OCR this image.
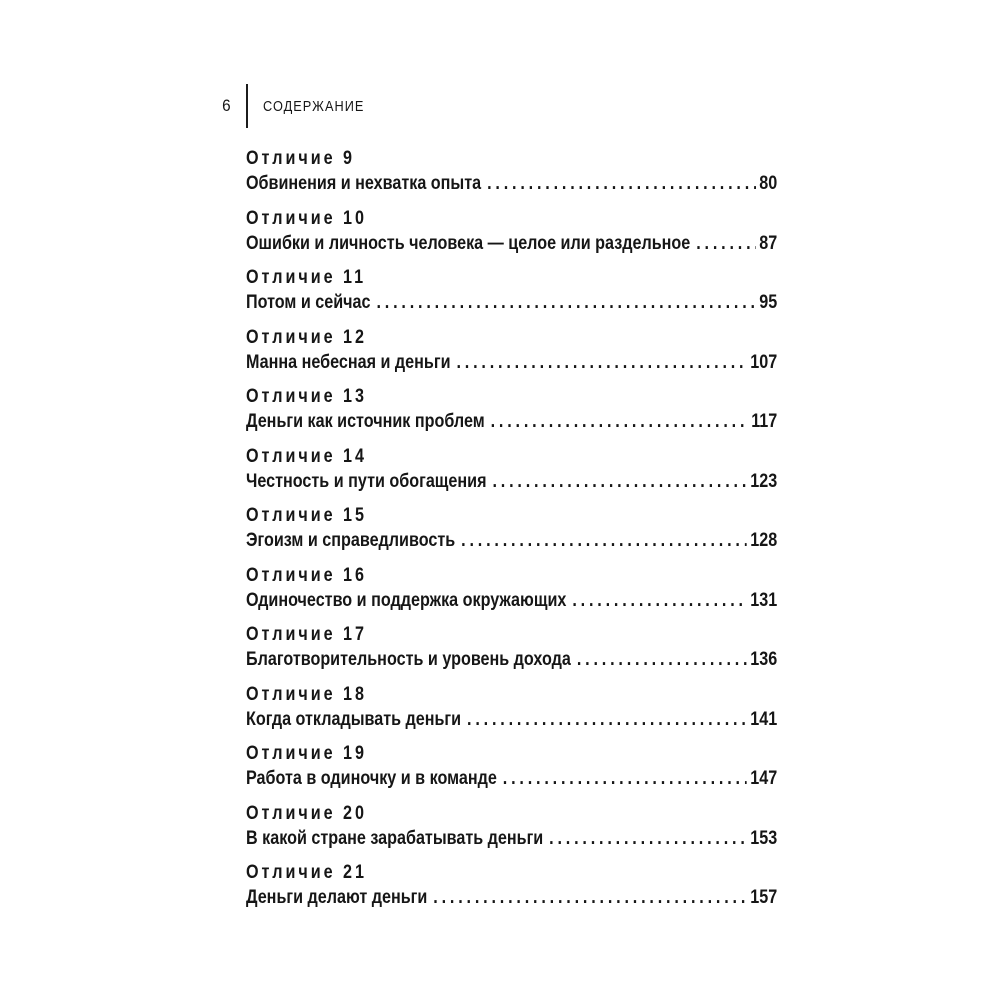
6 СОДЕРЖАНИЕ
Отличие 9
Обвинения и нехватка опыта .....	80
Отличие 10
Ошибки и личность человека — целое или раздельное .....	87
Отличие 11
Потом и сейчас .....	95
Отличие 12
Манна небесная и деньги .....	107
Отличие 13
Деньги как источник проблем .....	117
Отличие 14
Честность и пути обогащения .....	123
Отличие 15
Эгоизм и справедливость .....	128
Отличие 16
Одиночество и поддержка окружающих .....	131
Отличие 17
Благотворительность и уровень дохода .....	136
Отличие 18
Когда откладывать деньги .....	141
Отличие 19
Работа в одиночку и в команде .....	147
Отличие 20
В какой стране зарабатывать деньги .....	153
Отличие 21
Деньги делают деньги .....	157
